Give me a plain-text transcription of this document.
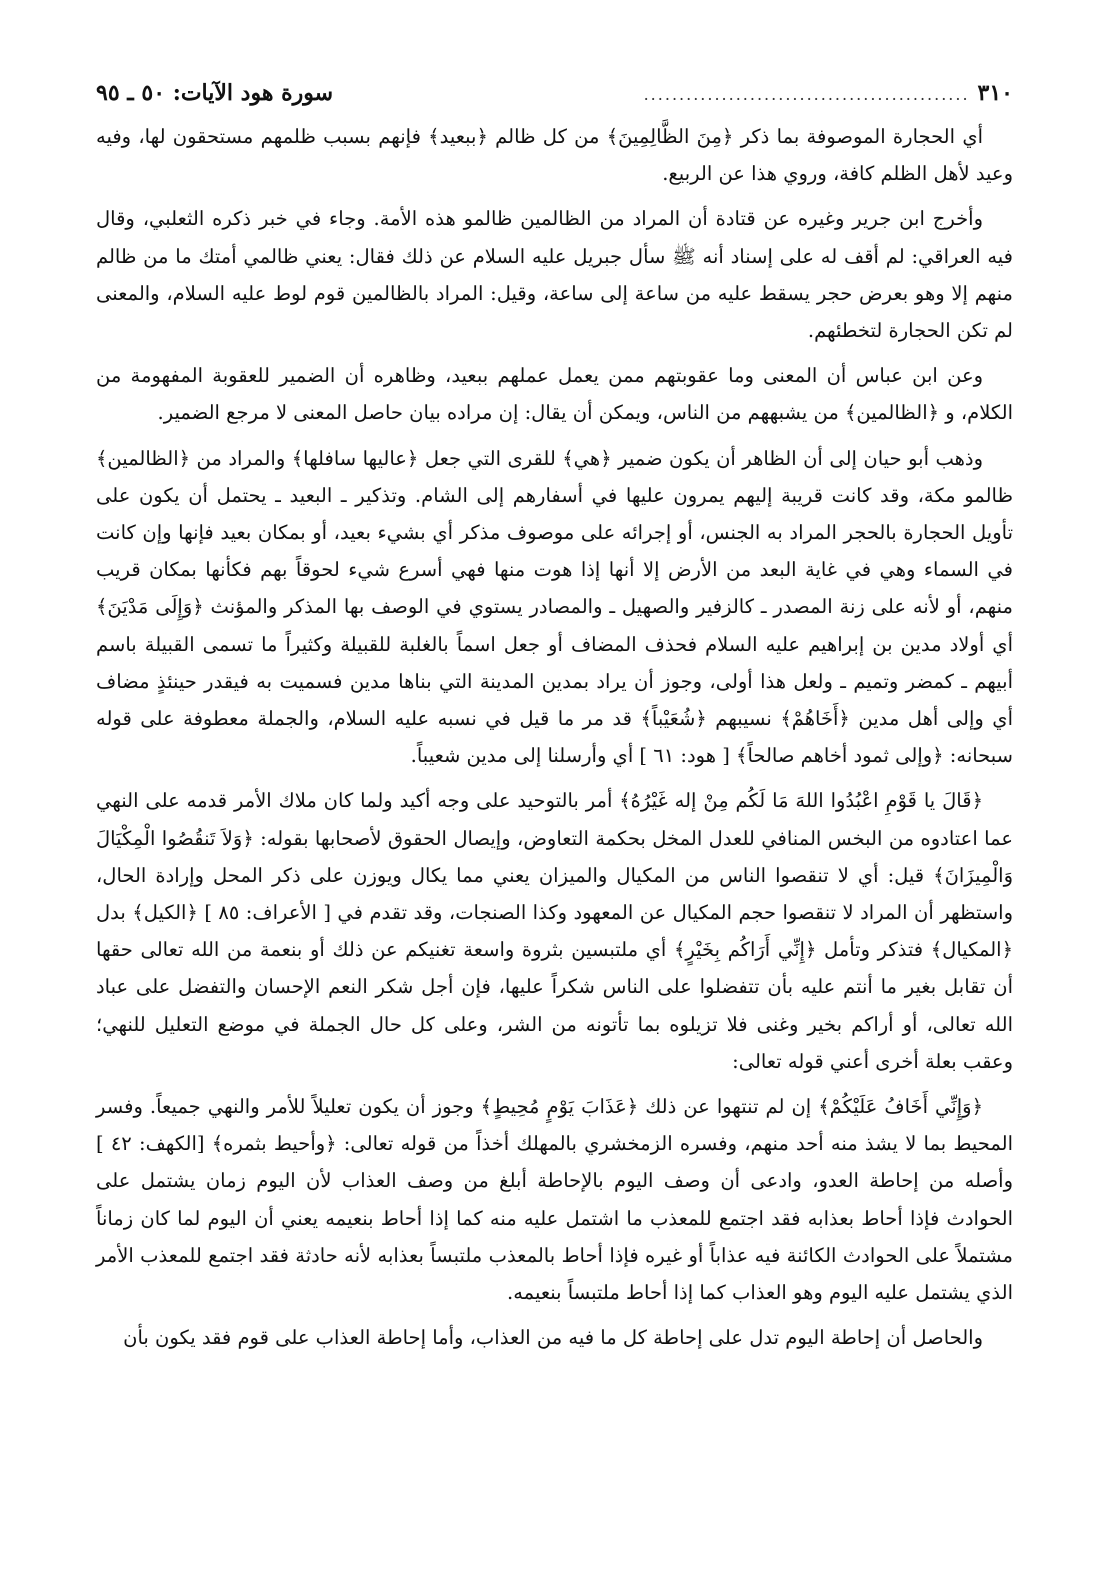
٣١٠
..............................................
سورة هود الآيات: ٥٠ ـ ٩٥

أي الحجارة الموصوفة بما ذكر ﴿مِنَ الظَّالِمِينَ﴾ من كل ظالم ﴿ببعيد﴾ فإنهم بسبب ظلمهم مستحقون لها، وفيه وعيد لأهل الظلم كافة، وروي هذا عن الربيع.

وأخرج ابن جرير وغيره عن قتادة أن المراد من الظالمين ظالمو هذه الأمة. وجاء في خبر ذكره الثعلبي، وقال فيه العراقي: لم أقف له على إسناد أنه ﷺ سأل جبريل عليه السلام عن ذلك فقال: يعني ظالمي أمتك ما من ظالم منهم إلا وهو بعرض حجر يسقط عليه من ساعة إلى ساعة، وقيل: المراد بالظالمين قوم لوط عليه السلام، والمعنى لم تكن الحجارة لتخطئهم.

وعن ابن عباس أن المعنى وما عقوبتهم ممن يعمل عملهم ببعيد، وظاهره أن الضمير للعقوبة المفهومة من الكلام، و ﴿الظالمين﴾ من يشبههم من الناس، ويمكن أن يقال: إن مراده بيان حاصل المعنى لا مرجع الضمير.

وذهب أبو حيان إلى أن الظاهر أن يكون ضمير ﴿هي﴾ للقرى التي جعل ﴿عاليها سافلها﴾ والمراد من ﴿الظالمين﴾ ظالمو مكة، وقد كانت قريبة إليهم يمرون عليها في أسفارهم إلى الشام. وتذكير ـ البعيد ـ يحتمل أن يكون على تأويل الحجارة بالحجر المراد به الجنس، أو إجرائه على موصوف مذكر أي بشيء بعيد، أو بمكان بعيد فإنها وإن كانت في السماء وهي في غاية البعد من الأرض إلا أنها إذا هوت منها فهي أسرع شيء لحوقاً بهم فكأنها بمكان قريب منهم، أو لأنه على زنة المصدر ـ كالزفير والصهيل ـ والمصادر يستوي في الوصف بها المذكر والمؤنث ﴿وَإِلَى مَدْيَنَ﴾ أي أولاد مدين بن إبراهيم عليه السلام فحذف المضاف أو جعل اسماً بالغلبة للقبيلة وكثيراً ما تسمى القبيلة باسم أبيهم ـ كمضر وتميم ـ ولعل هذا أولى، وجوز أن يراد بمدين المدينة التي بناها مدين فسميت به فيقدر حينئذٍ مضاف أي وإلى أهل مدين ﴿أَخَاهُمْ﴾ نسيبهم ﴿شُعَيْباً﴾ قد مر ما قيل في نسبه عليه السلام، والجملة معطوفة على قوله سبحانه: ﴿وإلى ثمود أخاهم صالحاً﴾ [ هود: ٦١ ] أي وأرسلنا إلى مدين شعيباً.

﴿قَالَ يا قَوْمِ اعْبُدُوا اللهَ مَا لَكُم مِنْ إله غَيْرُهُ﴾ أمر بالتوحيد على وجه أكيد ولما كان ملاك الأمر قدمه على النهي عما اعتادوه من البخس المنافي للعدل المخل بحكمة التعاوض، وإيصال الحقوق لأصحابها بقوله: ﴿وَلاَ تَنقُصُوا الْمِكْيَالَ وَالْمِيزَانَ﴾ قيل: أي لا تنقصوا الناس من المكيال والميزان يعني مما يكال ويوزن على ذكر المحل وإرادة الحال، واستظهر أن المراد لا تنقصوا حجم المكيال عن المعهود وكذا الصنجات، وقد تقدم في [ الأعراف: ٨٥ ] ﴿الكيل﴾ بدل ﴿المكيال﴾ فتذكر وتأمل ﴿إِنِّي أَرَاكُم بِخَيْرٍ﴾ أي ملتبسين بثروة واسعة تغنيكم عن ذلك أو بنعمة من الله تعالى حقها أن تقابل بغير ما أنتم عليه بأن تتفضلوا على الناس شكراً عليها، فإن أجل شكر النعم الإحسان والتفضل على عباد الله تعالى، أو أراكم بخير وغنى فلا تزيلوه بما تأتونه من الشر، وعلى كل حال الجملة في موضع التعليل للنهي؛ وعقب بعلة أخرى أعني قوله تعالى:

﴿وَإِنِّي أَخَافُ عَلَيْكُمْ﴾ إن لم تنتهوا عن ذلك ﴿عَذَابَ يَوْمٍ مُحِيطٍ﴾ وجوز أن يكون تعليلاً للأمر والنهي جميعاً. وفسر المحيط بما لا يشذ منه أحد منهم، وفسره الزمخشري بالمهلك أخذاً من قوله تعالى: ﴿وأحيط بثمره﴾ [الكهف: ٤٢ ] وأصله من إحاطة العدو، وادعى أن وصف اليوم بالإحاطة أبلغ من وصف العذاب لأن اليوم زمان يشتمل على الحوادث فإذا أحاط بعذابه فقد اجتمع للمعذب ما اشتمل عليه منه كما إذا أحاط بنعيمه يعني أن اليوم لما كان زماناً مشتملاً على الحوادث الكائنة فيه عذاباً أو غيره فإذا أحاط بالمعذب ملتبساً بعذابه لأنه حادثة فقد اجتمع للمعذب الأمر الذي يشتمل عليه اليوم وهو العذاب كما إذا أحاط ملتبساً بنعيمه.

والحاصل أن إحاطة اليوم تدل على إحاطة كل ما فيه من العذاب، وأما إحاطة العذاب على قوم فقد يكون بأن
